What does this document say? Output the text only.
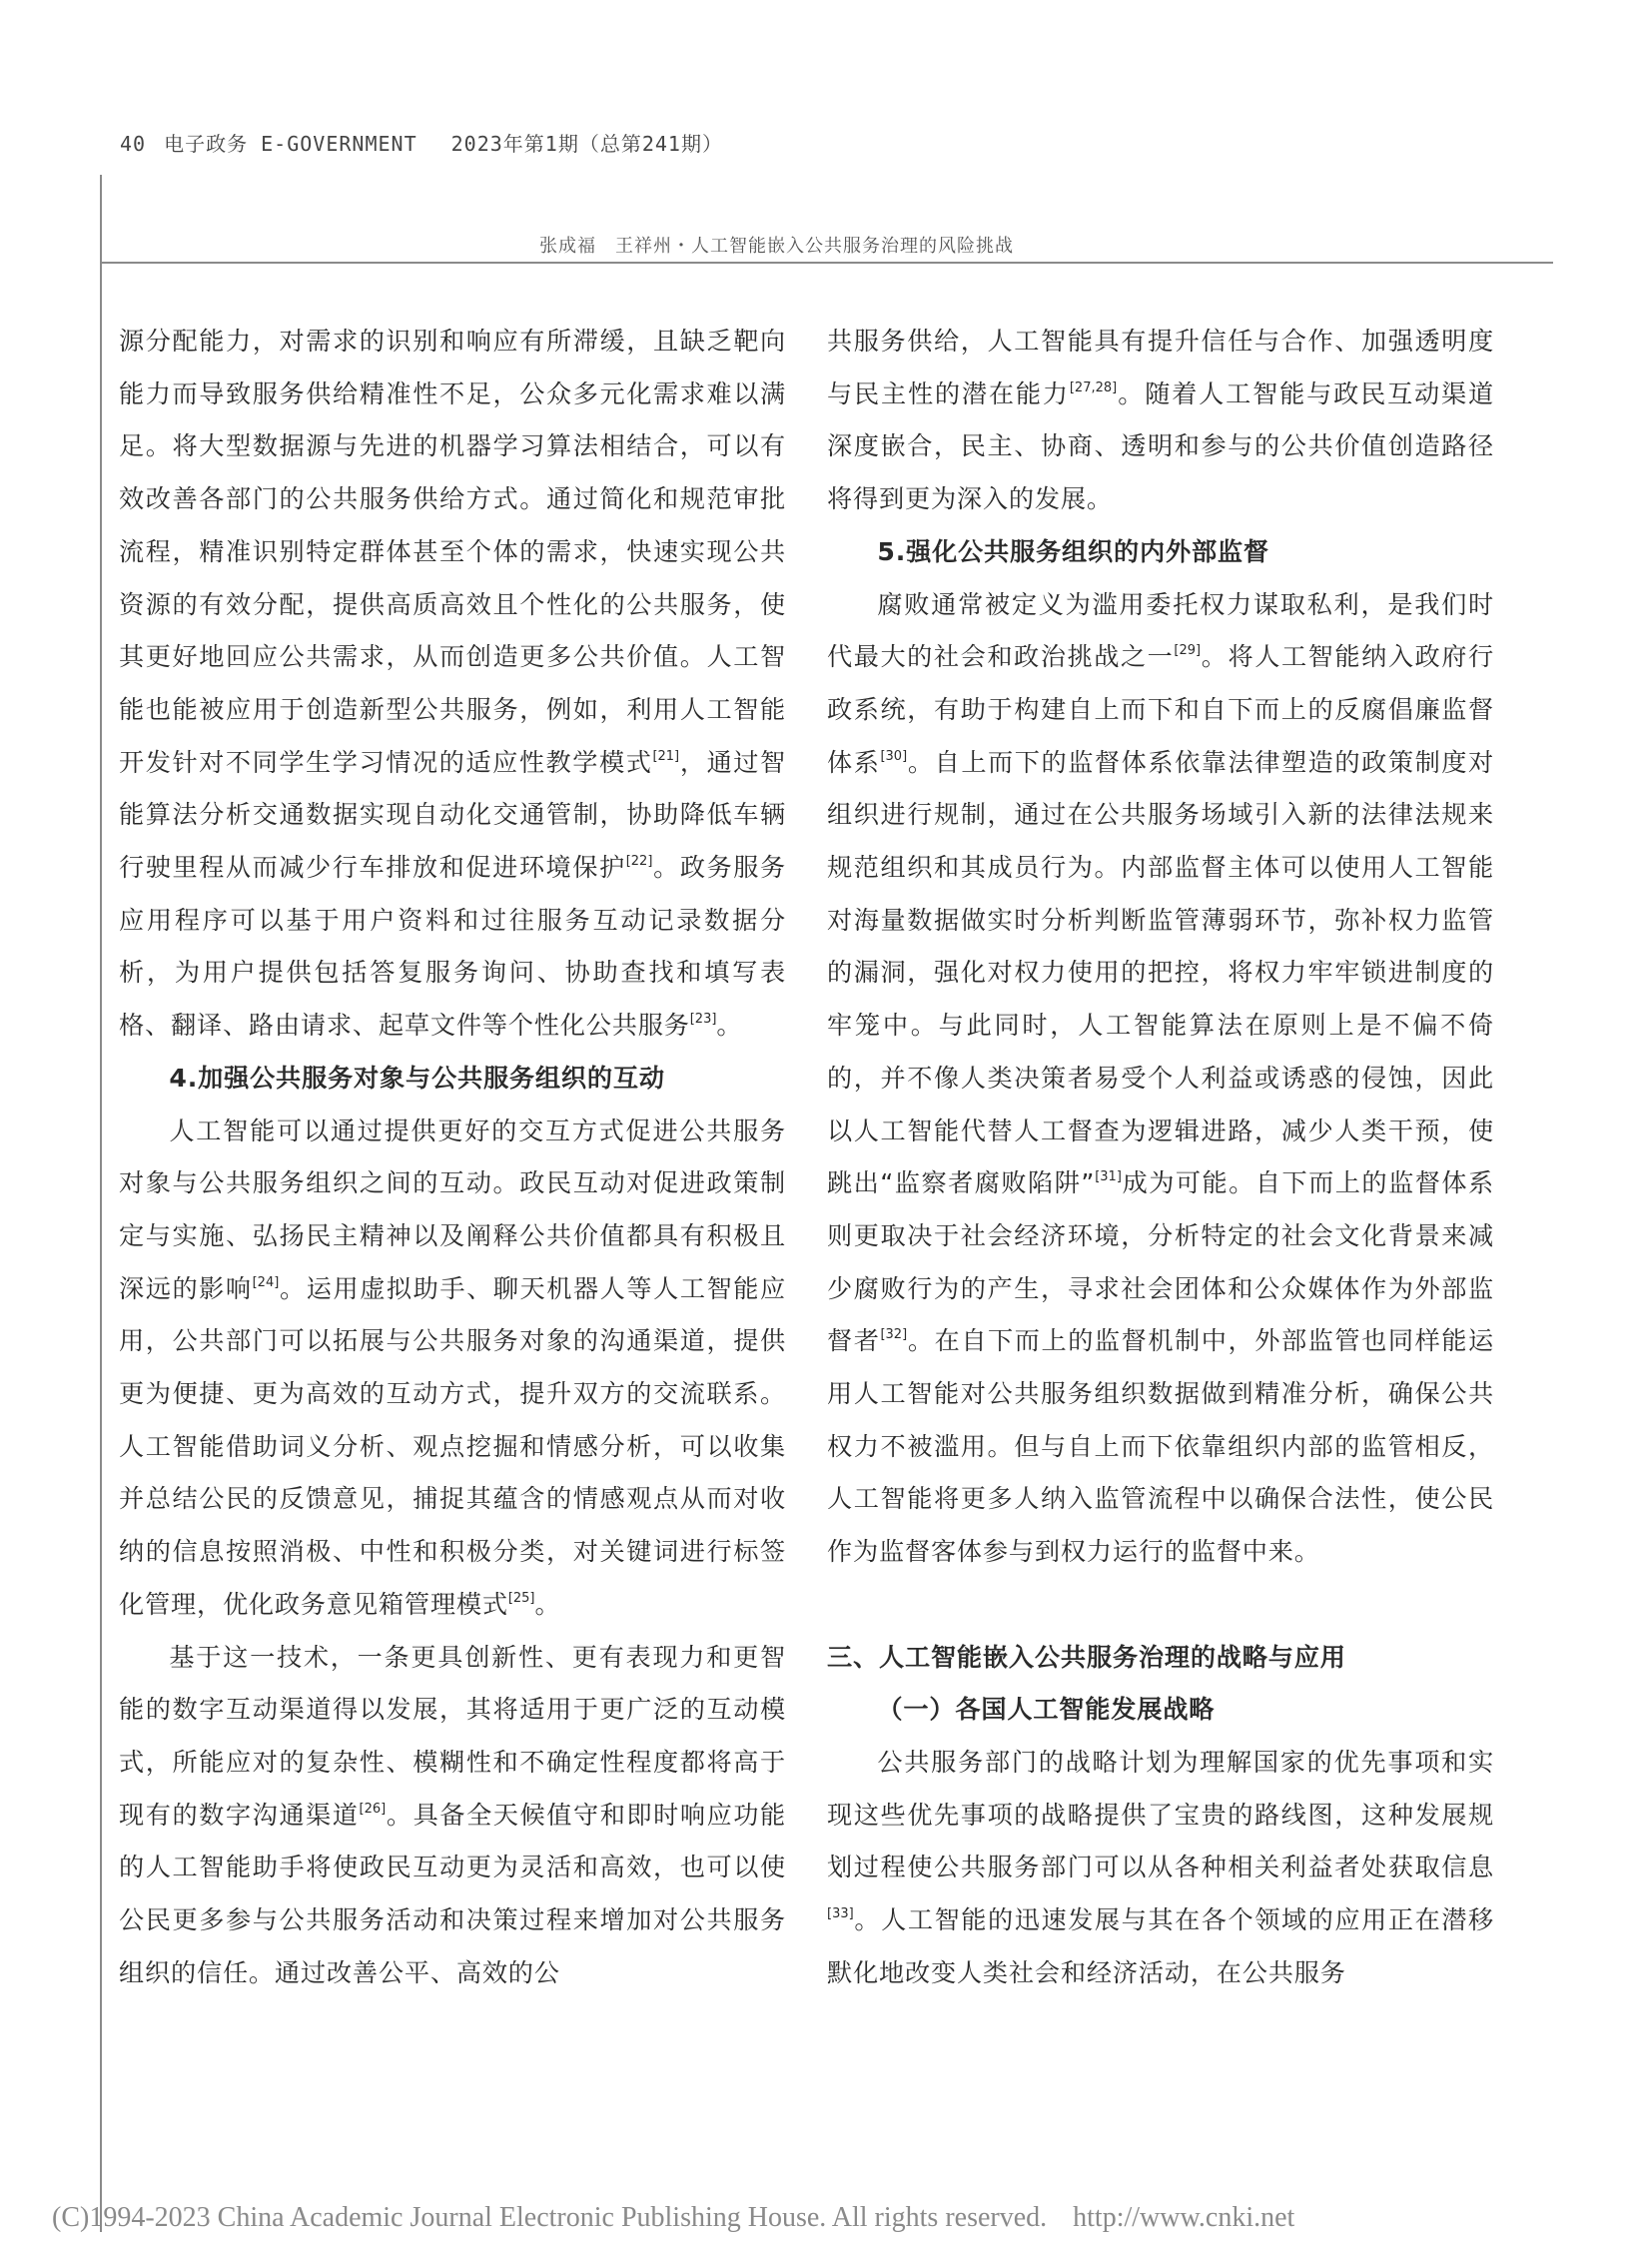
40 电子政务 E-GOVERNMENT 2023年第1期（总第241期）
张成福　王祥州・人工智能嵌入公共服务治理的风险挑战

源分配能力，对需求的识别和响应有所滞缓，且缺乏靶向能力而导致服务供给精准性不足，公众多元化需求难以满足。将大型数据源与先进的机器学习算法相结合，可以有效改善各部门的公共服务供给方式。通过简化和规范审批流程，精准识别特定群体甚至个体的需求，快速实现公共资源的有效分配，提供高质高效且个性化的公共服务，使其更好地回应公共需求，从而创造更多公共价值。人工智能也能被应用于创造新型公共服务，例如，利用人工智能开发针对不同学生学习情况的适应性教学模式[21]，通过智能算法分析交通数据实现自动化交通管制，协助降低车辆行驶里程从而减少行车排放和促进环境保护[22]。政务服务应用程序可以基于用户资料和过往服务互动记录数据分析，为用户提供包括答复服务询问、协助查找和填写表格、翻译、路由请求、起草文件等个性化公共服务[23]。

4.加强公共服务对象与公共服务组织的互动

人工智能可以通过提供更好的交互方式促进公共服务对象与公共服务组织之间的互动。政民互动对促进政策制定与实施、弘扬民主精神以及阐释公共价值都具有积极且深远的影响[24]。运用虚拟助手、聊天机器人等人工智能应用，公共部门可以拓展与公共服务对象的沟通渠道，提供更为便捷、更为高效的互动方式，提升双方的交流联系。人工智能借助词义分析、观点挖掘和情感分析，可以收集并总结公民的反馈意见，捕捉其蕴含的情感观点从而对收纳的信息按照消极、中性和积极分类，对关键词进行标签化管理，优化政务意见箱管理模式[25]。

基于这一技术，一条更具创新性、更有表现力和更智能的数字互动渠道得以发展，其将适用于更广泛的互动模式，所能应对的复杂性、模糊性和不确定性程度都将高于现有的数字沟通渠道[26]。具备全天候值守和即时响应功能的人工智能助手将使政民互动更为灵活和高效，也可以使公民更多参与公共服务活动和决策过程来增加对公共服务组织的信任。通过改善公平、高效的公

共服务供给，人工智能具有提升信任与合作、加强透明度与民主性的潜在能力[27,28]。随着人工智能与政民互动渠道深度嵌合，民主、协商、透明和参与的公共价值创造路径将得到更为深入的发展。

5.强化公共服务组织的内外部监督

腐败通常被定义为滥用委托权力谋取私利，是我们时代最大的社会和政治挑战之一[29]。将人工智能纳入政府行政系统，有助于构建自上而下和自下而上的反腐倡廉监督体系[30]。自上而下的监督体系依靠法律塑造的政策制度对组织进行规制，通过在公共服务场域引入新的法律法规来规范组织和其成员行为。内部监督主体可以使用人工智能对海量数据做实时分析判断监管薄弱环节，弥补权力监管的漏洞，强化对权力使用的把控，将权力牢牢锁进制度的牢笼中。与此同时，人工智能算法在原则上是不偏不倚的，并不像人类决策者易受个人利益或诱惑的侵蚀，因此以人工智能代替人工督查为逻辑进路，减少人类干预，使跳出“监察者腐败陷阱”[31]成为可能。自下而上的监督体系则更取决于社会经济环境，分析特定的社会文化背景来减少腐败行为的产生，寻求社会团体和公众媒体作为外部监督者[32]。在自下而上的监督机制中，外部监管也同样能运用人工智能对公共服务组织数据做到精准分析，确保公共权力不被滥用。但与自上而下依靠组织内部的监管相反，人工智能将更多人纳入监管流程中以确保合法性，使公民作为监督客体参与到权力运行的监督中来。

三、人工智能嵌入公共服务治理的战略与应用

（一）各国人工智能发展战略

公共服务部门的战略计划为理解国家的优先事项和实现这些优先事项的战略提供了宝贵的路线图，这种发展规划过程使公共服务部门可以从各种相关利益者处获取信息[33]。人工智能的迅速发展与其在各个领域的应用正在潜移默化地改变人类社会和经济活动，在公共服务

(C)1994-2023 China Academic Journal Electronic Publishing House. All rights reserved. http://www.cnki.net
